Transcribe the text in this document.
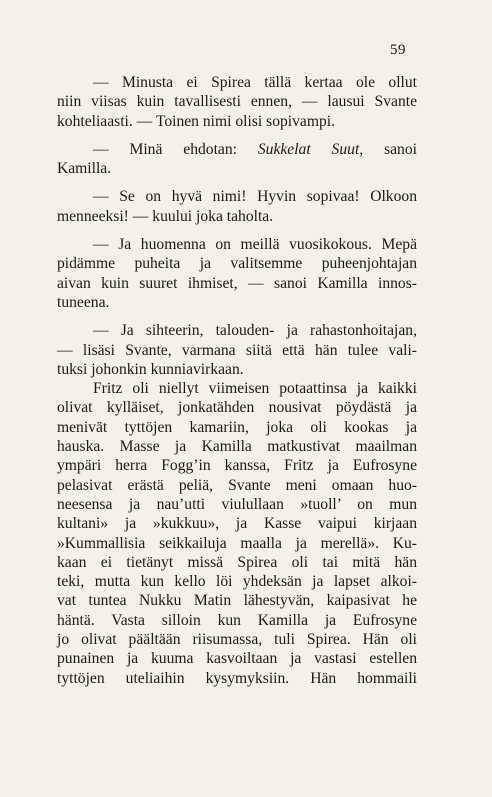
59
— Minusta ei Spirea tällä kertaa ole ollut
niin viisas kuin tavallisesti ennen, — lausui Svante
kohteliaasti. — Toinen nimi olisi sopivampi.
— Minä ehdotan: Sukkelat Suut, sanoi
Kamilla.
— Se on hyvä nimi! Hyvin sopivaa! Olkoon
menneeksi! — kuului joka taholta.
— Ja huomenna on meillä vuosikokous. Mepä
pidämme puheita ja valitsemme puheenjohtajan
aivan kuin suuret ihmiset, — sanoi Kamilla innos-
tuneena.
— Ja sihteerin, talouden- ja rahastonhoitajan,
— lisäsi Svante, varmana siitä että hän tulee vali-
tuksi johonkin kunniavirkaan.
Fritz oli niellyt viimeisen potaattinsa ja kaikki
olivat kylläiset, jonkatähden nousivat pöydästä ja
menivät tyttöjen kamariin, joka oli kookas ja
hauska. Masse ja Kamilla matkustivat maailman
ympäri herra Fogg’in kanssa, Fritz ja Eufrosyne
pelasivat erästä peliä, Svante meni omaan huo-
neesensa ja nau’utti viulullaan »tuoll’ on mun
kultani» ja »kukkuu», ja Kasse vaipui kirjaan
»Kummallisia seikkailuja maalla ja merellä». Ku-
kaan ei tietänyt missä Spirea oli tai mitä hän
teki, mutta kun kello löi yhdeksän ja lapset alkoi-
vat tuntea Nukku Matin lähestyvän, kaipasivat he
häntä. Vasta silloin kun Kamilla ja Eufrosyne
jo olivat päältään riisumassa, tuli Spirea. Hän oli
punainen ja kuuma kasvoiltaan ja vastasi estellen
tyttöjen uteliaihin kysymyksiin. Hän hommaili
